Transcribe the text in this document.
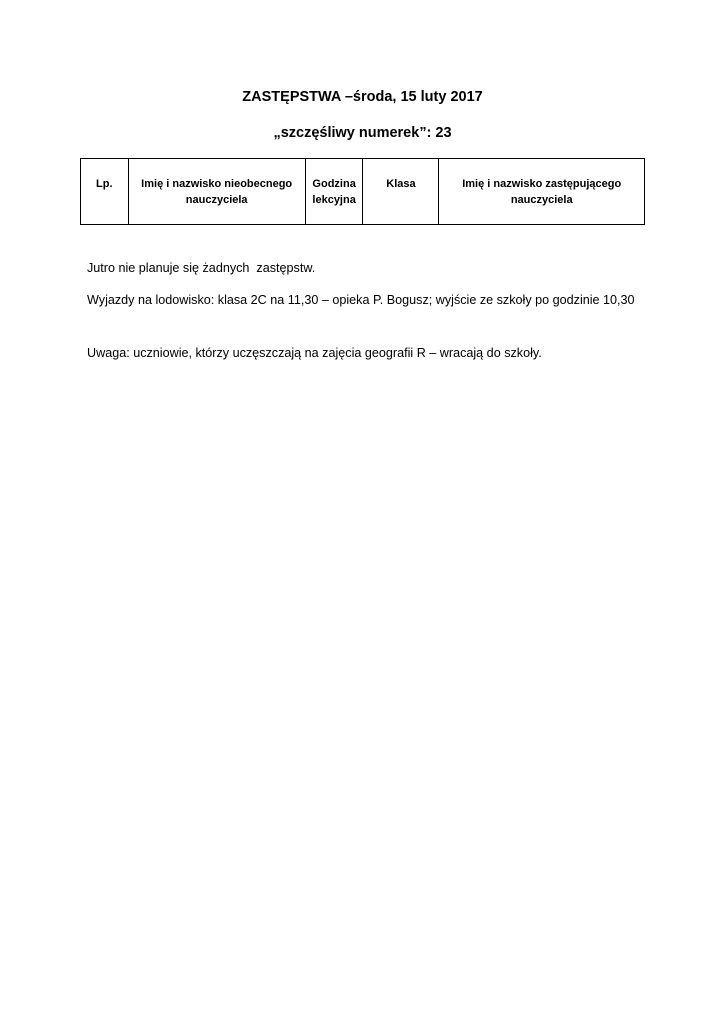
ZASTĘPSTWA –środa, 15 luty 2017
„szczęśliwy numerek”: 23
Lp.	Imię i nazwisko nieobecnego nauczyciela	Godzina lekcyjna	Klasa	Imię i nazwisko zastępującego nauczyciela
Jutro nie planuje się żadnych  zastępstw.
Wyjazdy na lodowisko: klasa 2C na 11,30 – opieka P. Bogusz; wyjście ze szkoły po godzinie 10,30
Uwaga: uczniowie, którzy uczęszczają na zajęcia geografii R – wracają do szkoły.
